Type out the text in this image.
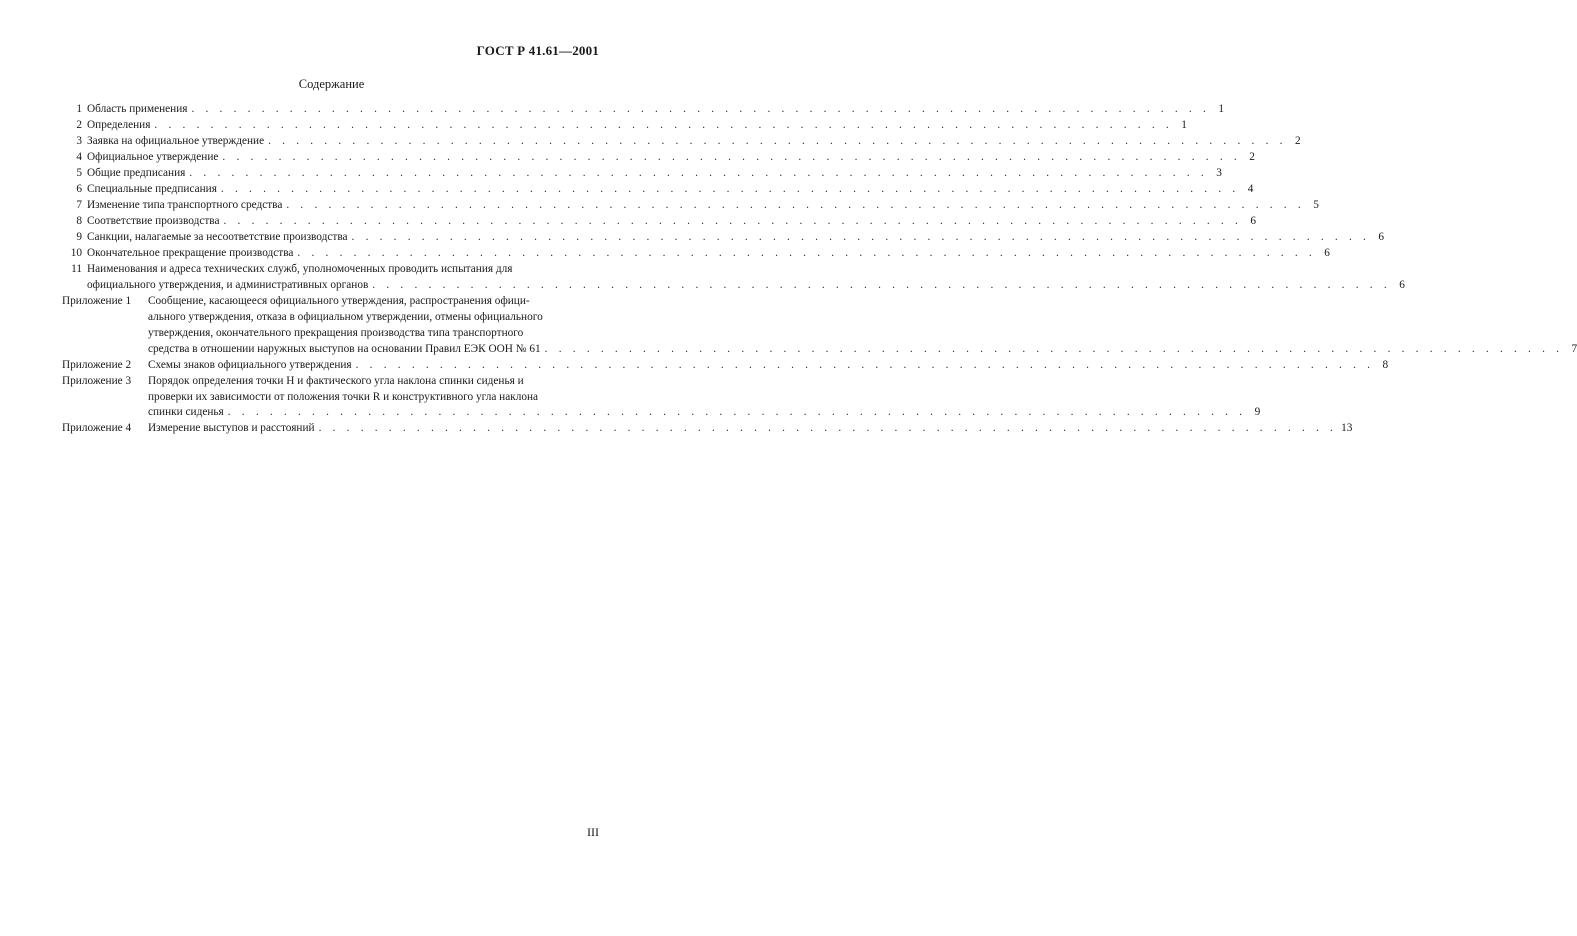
ГОСТ Р 41.61—2001
Содержание
1 Область применения . . . . . . . . . . . . . . . . . . . . . . . . . . . . . . . . . . . . . . . . . . . . . . . . . . . . . . . . . . . . . . . . . . . . . . . . . 1
2 Определения . . . . . . . . . . . . . . . . . . . . . . . . . . . . . . . . . . . . . . . . . . . . . . . . . . . . . . . . . . . . . . . . . . . . . . . . . 1
3 Заявка на официальное утверждение . . . . . . . . . . . . . . . . . . . . . . . . . . . . . . . . . . . . . . . . . . . . . . . . . . . . . . . . . . . . . . . . . . . . . . . . . 2
4 Официальное утверждение . . . . . . . . . . . . . . . . . . . . . . . . . . . . . . . . . . . . . . . . . . . . . . . . . . . . . . . . . . . . . . . . . . . . . . . . . 2
5 Общие предписания . . . . . . . . . . . . . . . . . . . . . . . . . . . . . . . . . . . . . . . . . . . . . . . . . . . . . . . . . . . . . . . . . . . . . . . . . 3
6 Специальные предписания . . . . . . . . . . . . . . . . . . . . . . . . . . . . . . . . . . . . . . . . . . . . . . . . . . . . . . . . . . . . . . . . . . . . . . . . . 4
7 Изменение типа транспортного средства . . . . . . . . . . . . . . . . . . . . . . . . . . . . . . . . . . . . . . . . . . . . . . . . . . . . . . . . . . . . . . . . . . . . . . . . . 5
8 Соответствие производства . . . . . . . . . . . . . . . . . . . . . . . . . . . . . . . . . . . . . . . . . . . . . . . . . . . . . . . . . . . . . . . . . . . . . . . . . 6
9 Санкции, налагаемые за несоответствие производства . . . . . . . . . . . . . . . . . . . . . . . . . . . . . . . . . . . . . . . . . . . . . . . . . . . . . . . . . . . . . . . . . . . . . . . . . 6
10 Окончательное прекращение производства . . . . . . . . . . . . . . . . . . . . . . . . . . . . . . . . . . . . . . . . . . . . . . . . . . . . . . . . . . . . . . . . . . . . . . . . . 6
11 Наименования и адреса технических служб, уполномоченных проводить испытания для
официального утверждения, и административных органов . . . . . . . . . . . . . . . . . . . . . . . . . . . . . . . . . . . . . . . . . . . . . . . . . . . . . . . . . . . . . . . . . . . . . . . . . 6
Приложение 1	Сообщение, касающееся официального утверждения, распространения офици-
ального утверждения, отказа в официальном утверждении, отмены официального
утверждения, окончательного прекращения производства типа транспортного
средства в отношении наружных выступов на основании Правил ЕЭК ООН № 61 . . . . . . . . . . . . . . . . . . . . . . . . . . . . . . . . . . . . . . . . . . . . . . . . . . . . . . . . . . . . . . . . . . . . . . . . . 7
Приложение 2	Схемы знаков официального утверждения . . . . . . . . . . . . . . . . . . . . . . . . . . . . . . . . . . . . . . . . . . . . . . . . . . . . . . . . . . . . . . . . . . . . . . . . . 8
Приложение 3	Порядок определения точки H и фактического угла наклона спинки сиденья и
проверки их зависимости от положения точки R и конструктивного угла наклона
спинки сиденья . . . . . . . . . . . . . . . . . . . . . . . . . . . . . . . . . . . . . . . . . . . . . . . . . . . . . . . . . . . . . . . . . . . . . . . . . 9
Приложение 4	Измерение выступов и расстояний . . . . . . . . . . . . . . . . . . . . . . . . . . . . . . . . . . . . . . . . . . . . . . . . . . . . . . . . . . . . . . . . . . . . . . . . . 13
III
